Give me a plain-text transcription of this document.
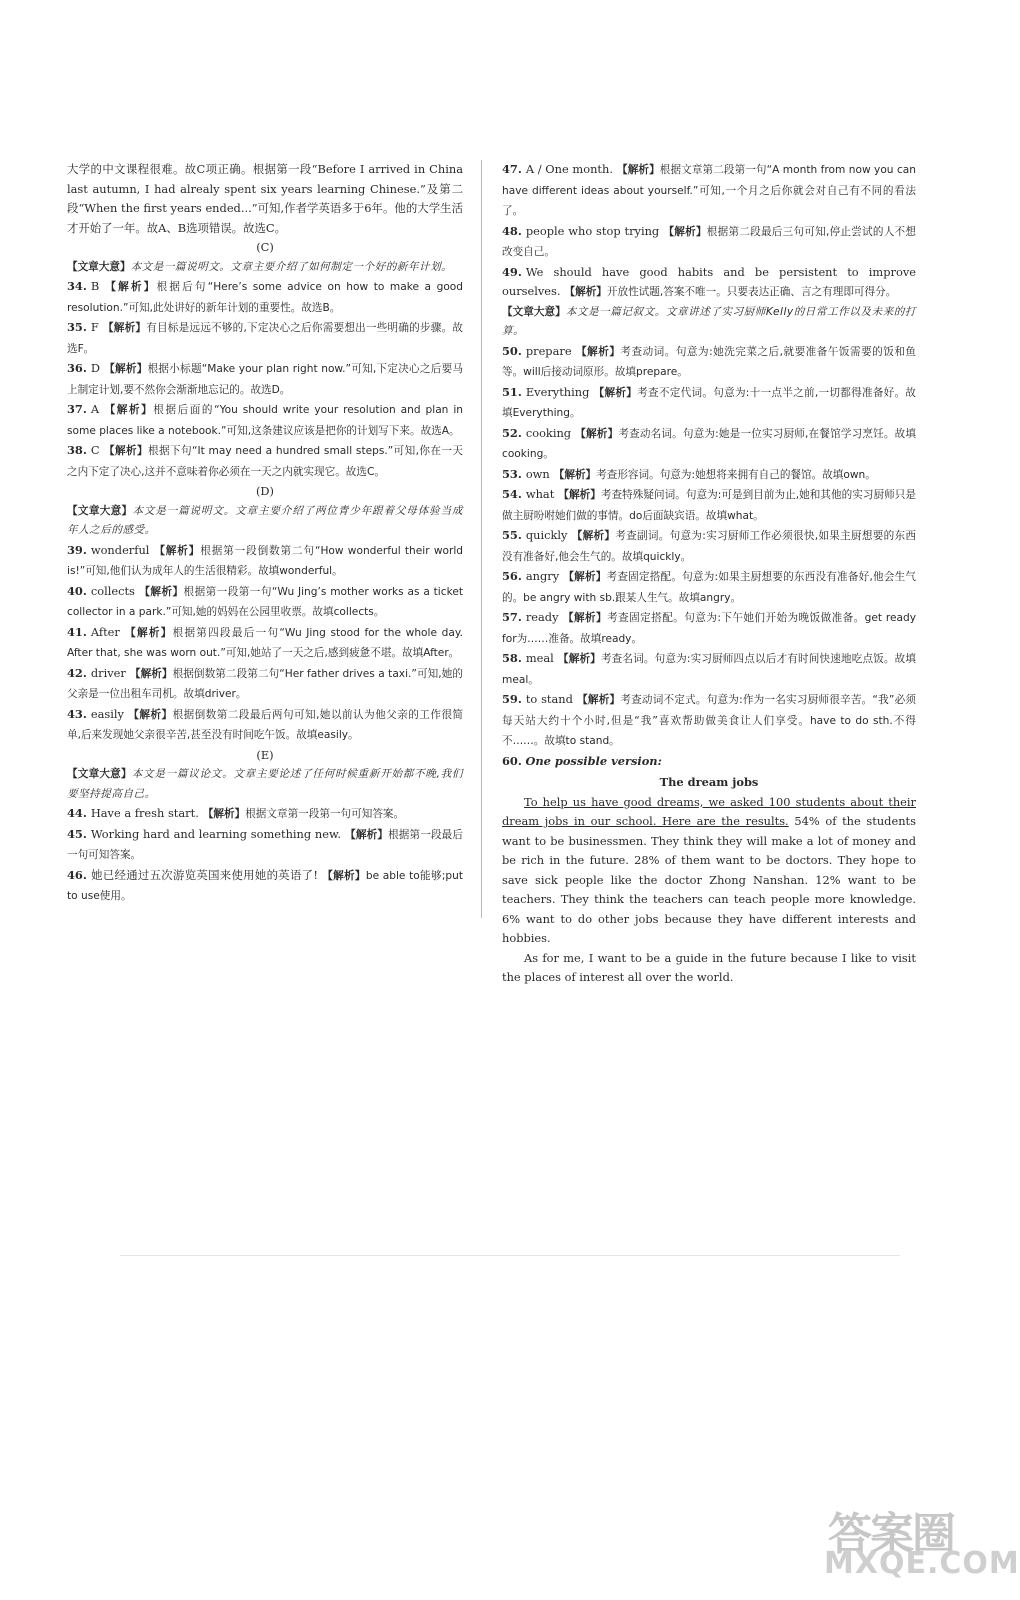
大学的中文课程很难。故C项正确。根据第一段“Before I arrived in China last autumn, I had alrealy spent six years learning Chinese.”及第二段“When the first years ended...”可知,作者学英语多于6年。他的大学生活才开始了一年。故A、B选项错误。故选C。

(C)

【文章大意】本文是一篇说明文。文章主要介绍了如何制定一个好的新年计划。

34. B 【解析】根据后句“Here’s some advice on how to make a good resolution.”可知,此处讲好的新年计划的重要性。故选B。

35. F 【解析】有目标是远远不够的,下定决心之后你需要想出一些明确的步骤。故选F。

36. D 【解析】根据小标题“Make your plan right now.”可知,下定决心之后要马上制定计划,要不然你会渐渐地忘记的。故选D。

37. A 【解析】根据后面的“You should write your resolution and plan in some places like a notebook.”可知,这条建议应该是把你的计划写下来。故选A。

38. C 【解析】根据下句“It may need a hundred small steps.”可知,你在一天之内下定了决心,这并不意味着你必须在一天之内就实现它。故选C。

(D)

【文章大意】本文是一篇说明文。文章主要介绍了两位青少年跟着父母体验当成年人之后的感受。

39. wonderful 【解析】根据第一段倒数第二句“How wonderful their world is!”可知,他们认为成年人的生活很精彩。故填wonderful。

40. collects 【解析】根据第一段第一句“Wu Jing’s mother works as a ticket collector in a park.”可知,她的妈妈在公园里收票。故填collects。

41. After 【解析】根据第四段最后一句“Wu Jing stood for the whole day. After that, she was worn out.”可知,她站了一天之后,感到疲惫不堪。故填After。

42. driver 【解析】根据倒数第二段第二句“Her father drives a taxi.”可知,她的父亲是一位出租车司机。故填driver。

43. easily 【解析】根据倒数第二段最后两句可知,她以前认为他父亲的工作很简单,后来发现她父亲很辛苦,甚至没有时间吃午饭。故填easily。

(E)

【文章大意】本文是一篇议论文。文章主要论述了任何时候重新开始都不晚,我们要坚持提高自己。

44. Have a fresh start. 【解析】根据文章第一段第一句可知答案。

45. Working hard and learning something new. 【解析】根据第一段最后一句可知答案。

46. 她已经通过五次游览英国来使用她的英语了! 【解析】be able to能够;put to use使用。

47. A / One month. 【解析】根据文章第二段第一句“A month from now you can have different ideas about yourself.”可知,一个月之后你就会对自己有不同的看法了。

48. people who stop trying 【解析】根据第二段最后三句可知,停止尝试的人不想改变自己。

49. We should have good habits and be persistent to improve ourselves. 【解析】开放性试题,答案不唯一。只要表达正确、言之有理即可得分。

【文章大意】本文是一篇记叙文。文章讲述了实习厨师Kelly的日常工作以及未来的打算。

50. prepare 【解析】考查动词。句意为:她洗完菜之后,就要准备午饭需要的饭和鱼等。will后接动词原形。故填prepare。

51. Everything 【解析】考查不定代词。句意为:十一点半之前,一切都得准备好。故填Everything。

52. cooking 【解析】考查动名词。句意为:她是一位实习厨师,在餐馆学习烹饪。故填cooking。

53. own 【解析】考查形容词。句意为:她想将来拥有自己的餐馆。故填own。

54. what 【解析】考查特殊疑问词。句意为:可是到目前为止,她和其他的实习厨师只是做主厨吩咐她们做的事情。do后面缺宾语。故填what。

55. quickly 【解析】考查副词。句意为:实习厨师工作必须很快,如果主厨想要的东西没有准备好,他会生气的。故填quickly。

56. angry 【解析】考查固定搭配。句意为:如果主厨想要的东西没有准备好,他会生气的。be angry with sb.跟某人生气。故填angry。

57. ready 【解析】考查固定搭配。句意为:下午她们开始为晚饭做准备。get ready for为……准备。故填ready。

58. meal 【解析】考查名词。句意为:实习厨师四点以后才有时间快速地吃点饭。故填meal。

59. to stand 【解析】考查动词不定式。句意为:作为一名实习厨师很辛苦。“我”必须每天站大约十个小时,但是“我”喜欢帮助做美食让人们享受。have to do sth.不得不……。故填to stand。

60. One possible version:

The dream jobs

To help us have good dreams, we asked 100 students about their dream jobs in our school. Here are the results. 54% of the students want to be businessmen. They think they will make a lot of money and be rich in the future. 28% of them want to be doctors. They hope to save sick people like the doctor Zhong Nanshan. 12% want to be teachers. They think the teachers can teach people more knowledge. 6% want to do other jobs because they have different interests and hobbies.

As for me, I want to be a guide in the future because I like to visit the places of interest all over the world.

答案圈
MXQE.COM
